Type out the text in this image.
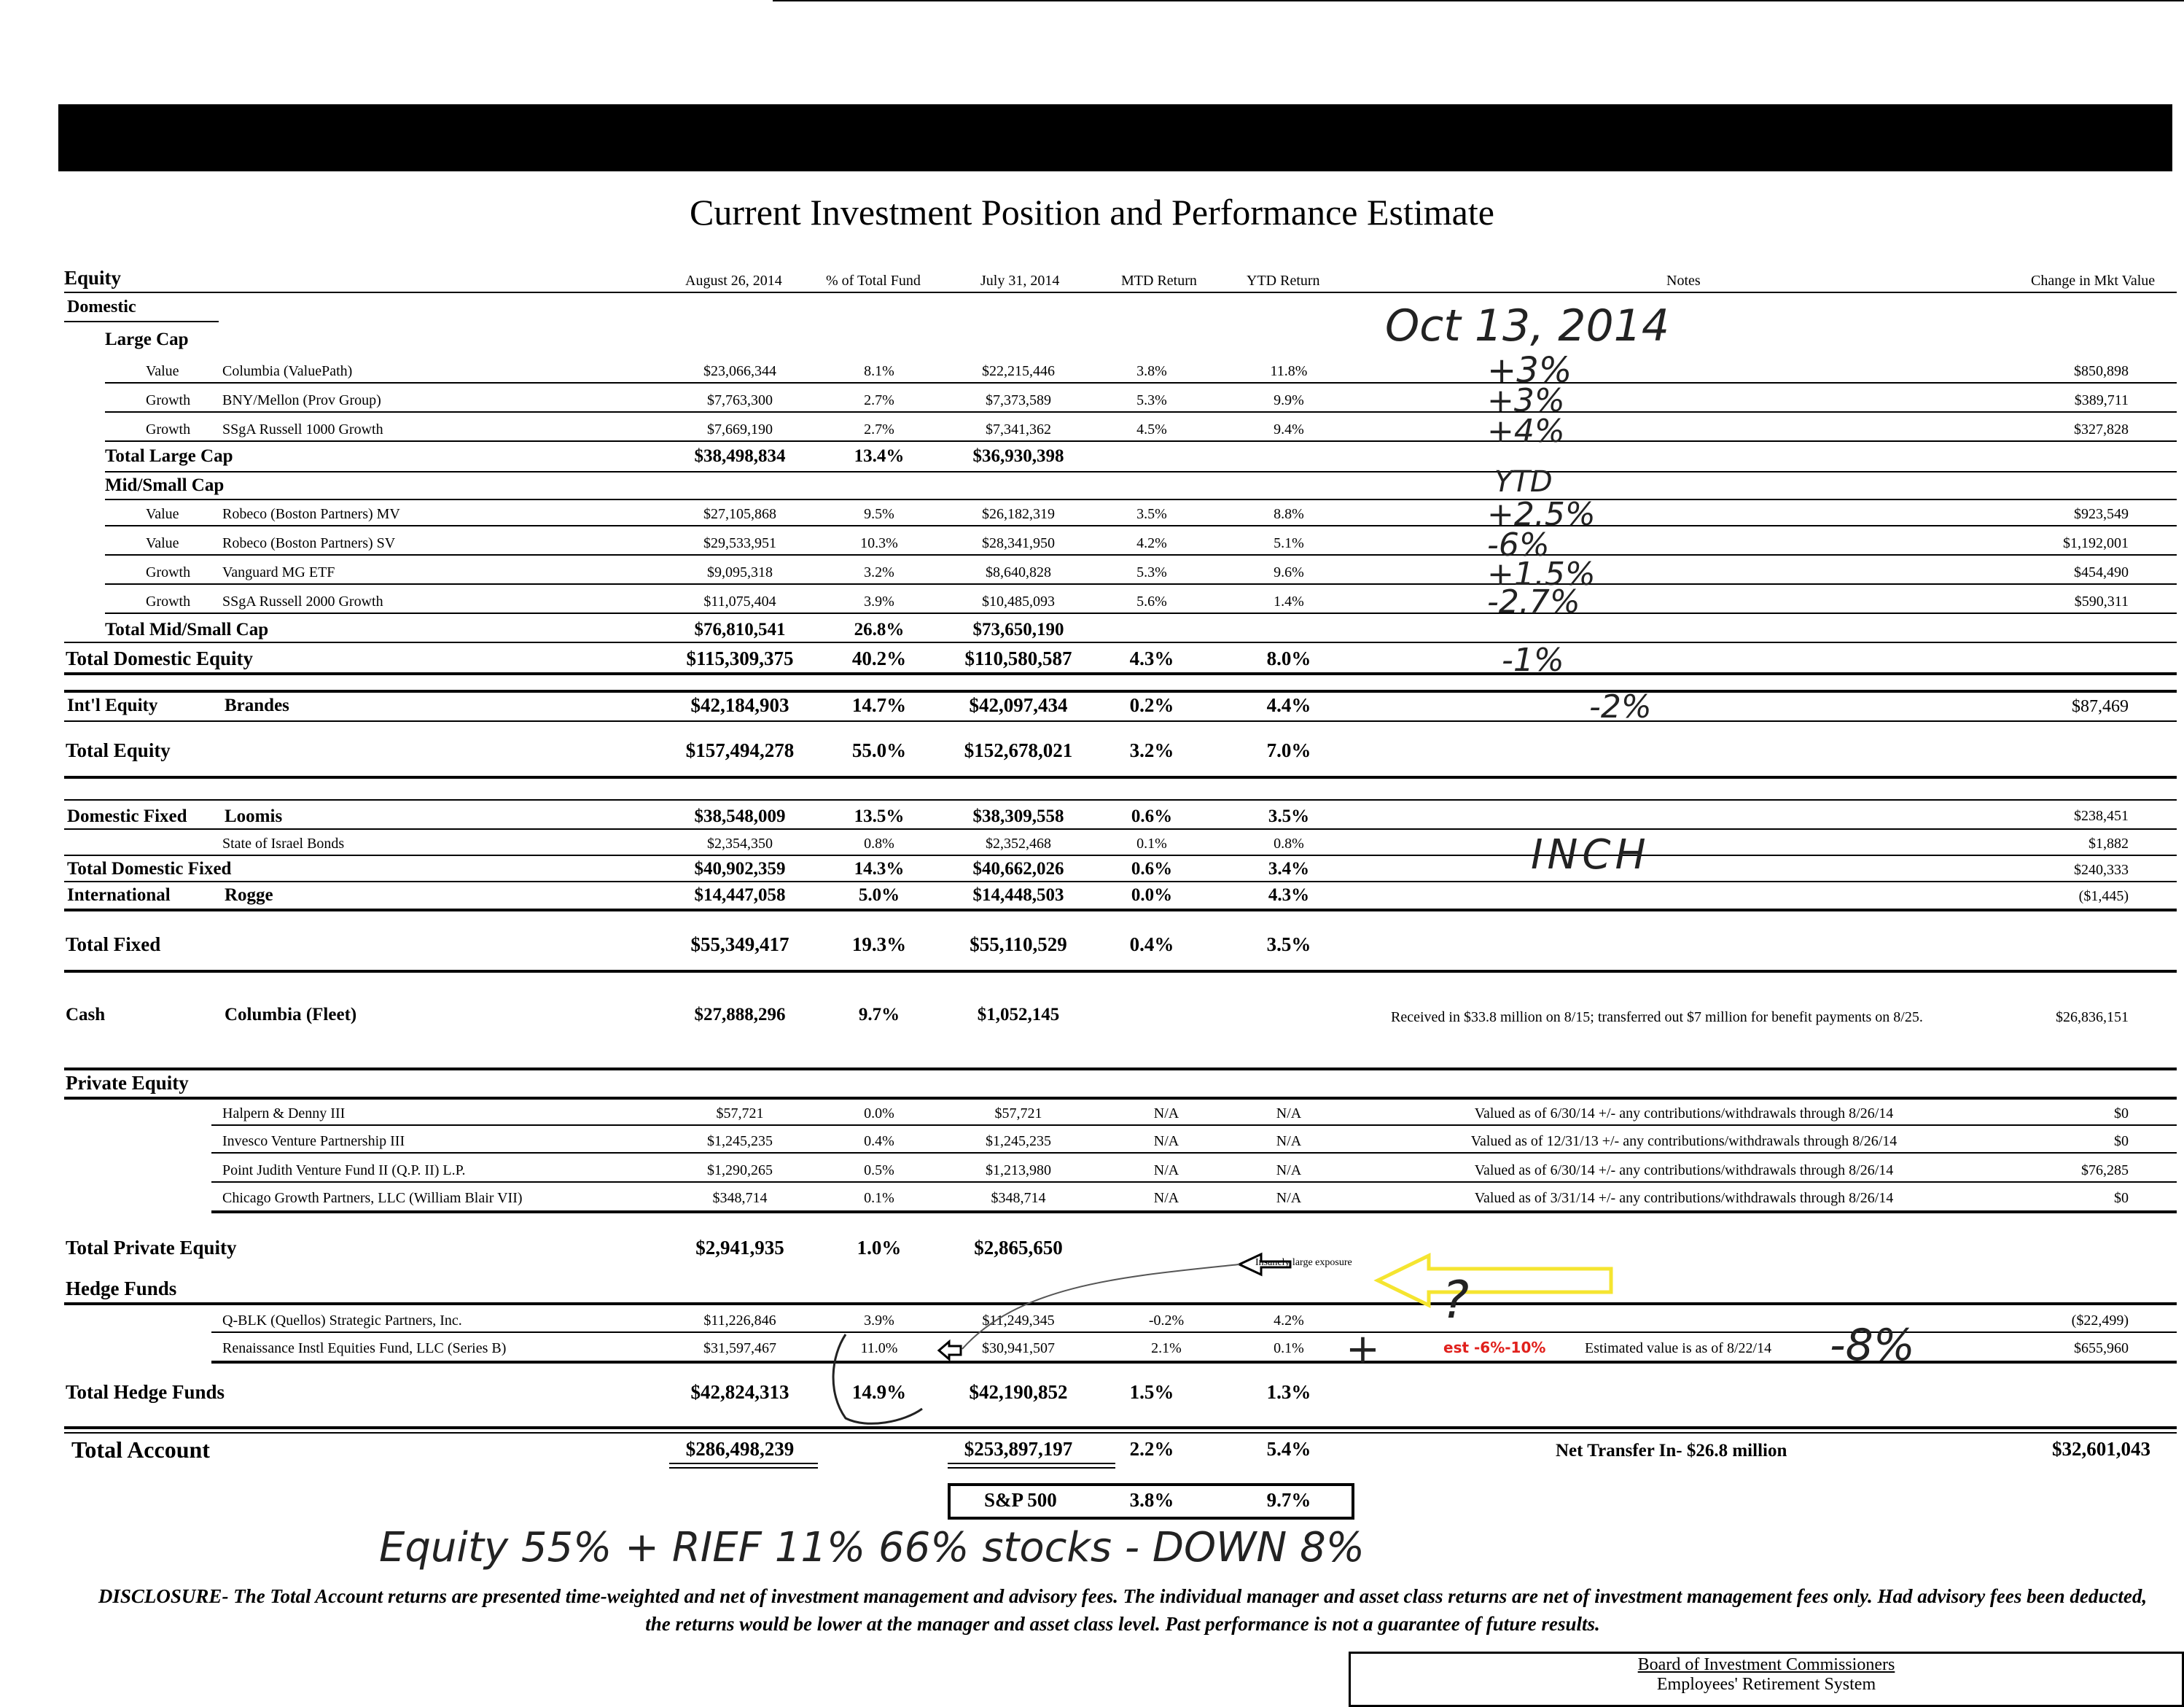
Current Investment Position and Performance Estimate
Equity	August 26, 2014	% of Total Fund	July 31, 2014	MTD Return	YTD Return	Notes	Change in Mkt Value
Domestic
Large Cap
Value	Columbia (ValuePath)	$23,066,344	8.1%	$22,215,446	3.8%	11.8%	$850,898
Growth BNY/Mellon (Prov Group)	$7,763,300	2.7%	$7,373,589	5.3%	9.9%	$389,711
Growth SSgA Russell 1000 Growth	$7,669,190	2.7%	$7,341,362	4.5%	9.4%	$327,828
Total Large Cap	$38,498,834	13.4%	$36,930,398
Mid/Small Cap
Value	Robeco (Boston Partners) MV	$27,105,868	9.5%	$26,182,319	3.5%	8.8%	$923,549
Value	Robeco (Boston Partners) SV	$29,533,951	10.3%	$28,341,950	4.2%	5.1%	$1,192,001
Growth Vanguard MG ETF	$9,095,318	3.2%	$8,640,828	5.3%	9.6%	$454,490
Growth SSgA Russell 2000 Growth	$11,075,404	3.9%	$10,485,093	5.6%	1.4%	$590,311
Total Mid/Small Cap	$76,810,541	26.8%	$73,650,190
Total Domestic Equity	$115,309,375	40.2%	$110,580,587	4.3%	8.0%
Int'l Equity	Brandes	$42,184,903	14.7%	$42,097,434	0.2%	4.4%	$87,469
Total Equity	$157,494,278	55.0%	$152,678,021	3.2%	7.0%
Domestic Fixed Loomis	$38,548,009	13.5%	$38,309,558	0.6%	3.5%	$238,451
State of Israel Bonds	$2,354,350	0.8%	$2,352,468	0.1%	0.8%	$1,882
Total Domestic Fixed	$40,902,359	14.3%	$40,662,026	0.6%	3.4%	$240,333
International	Rogge	$14,447,058	5.0%	$14,448,503	0.0%	4.3%	($1,445)
Total Fixed	$55,349,417	19.3%	$55,110,529	0.4%	3.5%
Cash	Columbia (Fleet)	$27,888,296	9.7%	$1,052,145	Received in $33.8 million on 8/15; transferred out $7 million for benefit payments on 8/25.	$26,836,151
Private Equity
Halpern & Denny III	$57,721	0.0%	$57,721	N/A	N/A	Valued as of 6/30/14 +/- any contributions/withdrawals through 8/26/14	$0
Invesco Venture Partnership III	$1,245,235	0.4%	$1,245,235	N/A	N/A	Valued as of 12/31/13 +/- any contributions/withdrawals through 8/26/14	$0
Point Judith Venture Fund II (Q.P. II) L.P.	$1,290,265	0.5%	$1,213,980	N/A	N/A	Valued as of 6/30/14 +/- any contributions/withdrawals through 8/26/14	$76,285
Chicago Growth Partners, LLC (William Blair VII)	$348,714	0.1%	$348,714	N/A	N/A	Valued as of 3/31/14 +/- any contributions/withdrawals through 8/26/14	$0
Total Private Equity	$2,941,935	1.0%	$2,865,650
Hedge Funds
Q-BLK (Quellos) Strategic Partners, Inc.	$11,226,846	3.9%	$11,249,345	-0.2%	4.2%	($22,499)
Renaissance Instl Equities Fund, LLC (Series B)	$31,597,467	11.0%	$30,941,507	2.1%	0.1%	Estimated value is as of 8/22/14	$655,960
Total Hedge Funds	$42,824,313	14.9%	$42,190,852	1.5%	1.3%
Total Account	$286,498,239	$253,897,197	2.2%	5.4%	Net Transfer In- $26.8 million	$32,601,043
S&P 500	3.8%	9.7%
Oct 13, 2014
+3%
+3%
+4%
YTD
+2.5%
-6%
+1.5%
-2.7%
-1%
-2%
INCH
Insanely large exposure
est -6%-10%
?
+	-8%
Equity 55% + RIEF 11% 66% stocks - DOWN 8%
DISCLOSURE- The Total Account returns are presented time-weighted and net of investment management and advisory fees. The individual manager and asset class returns are net of investment management fees only. Had advisory fees been deducted, the returns would be lower at the manager and asset class level. Past performance is not a guarantee of future results.
Board of Investment Commissioners
Employees' Retirement System
